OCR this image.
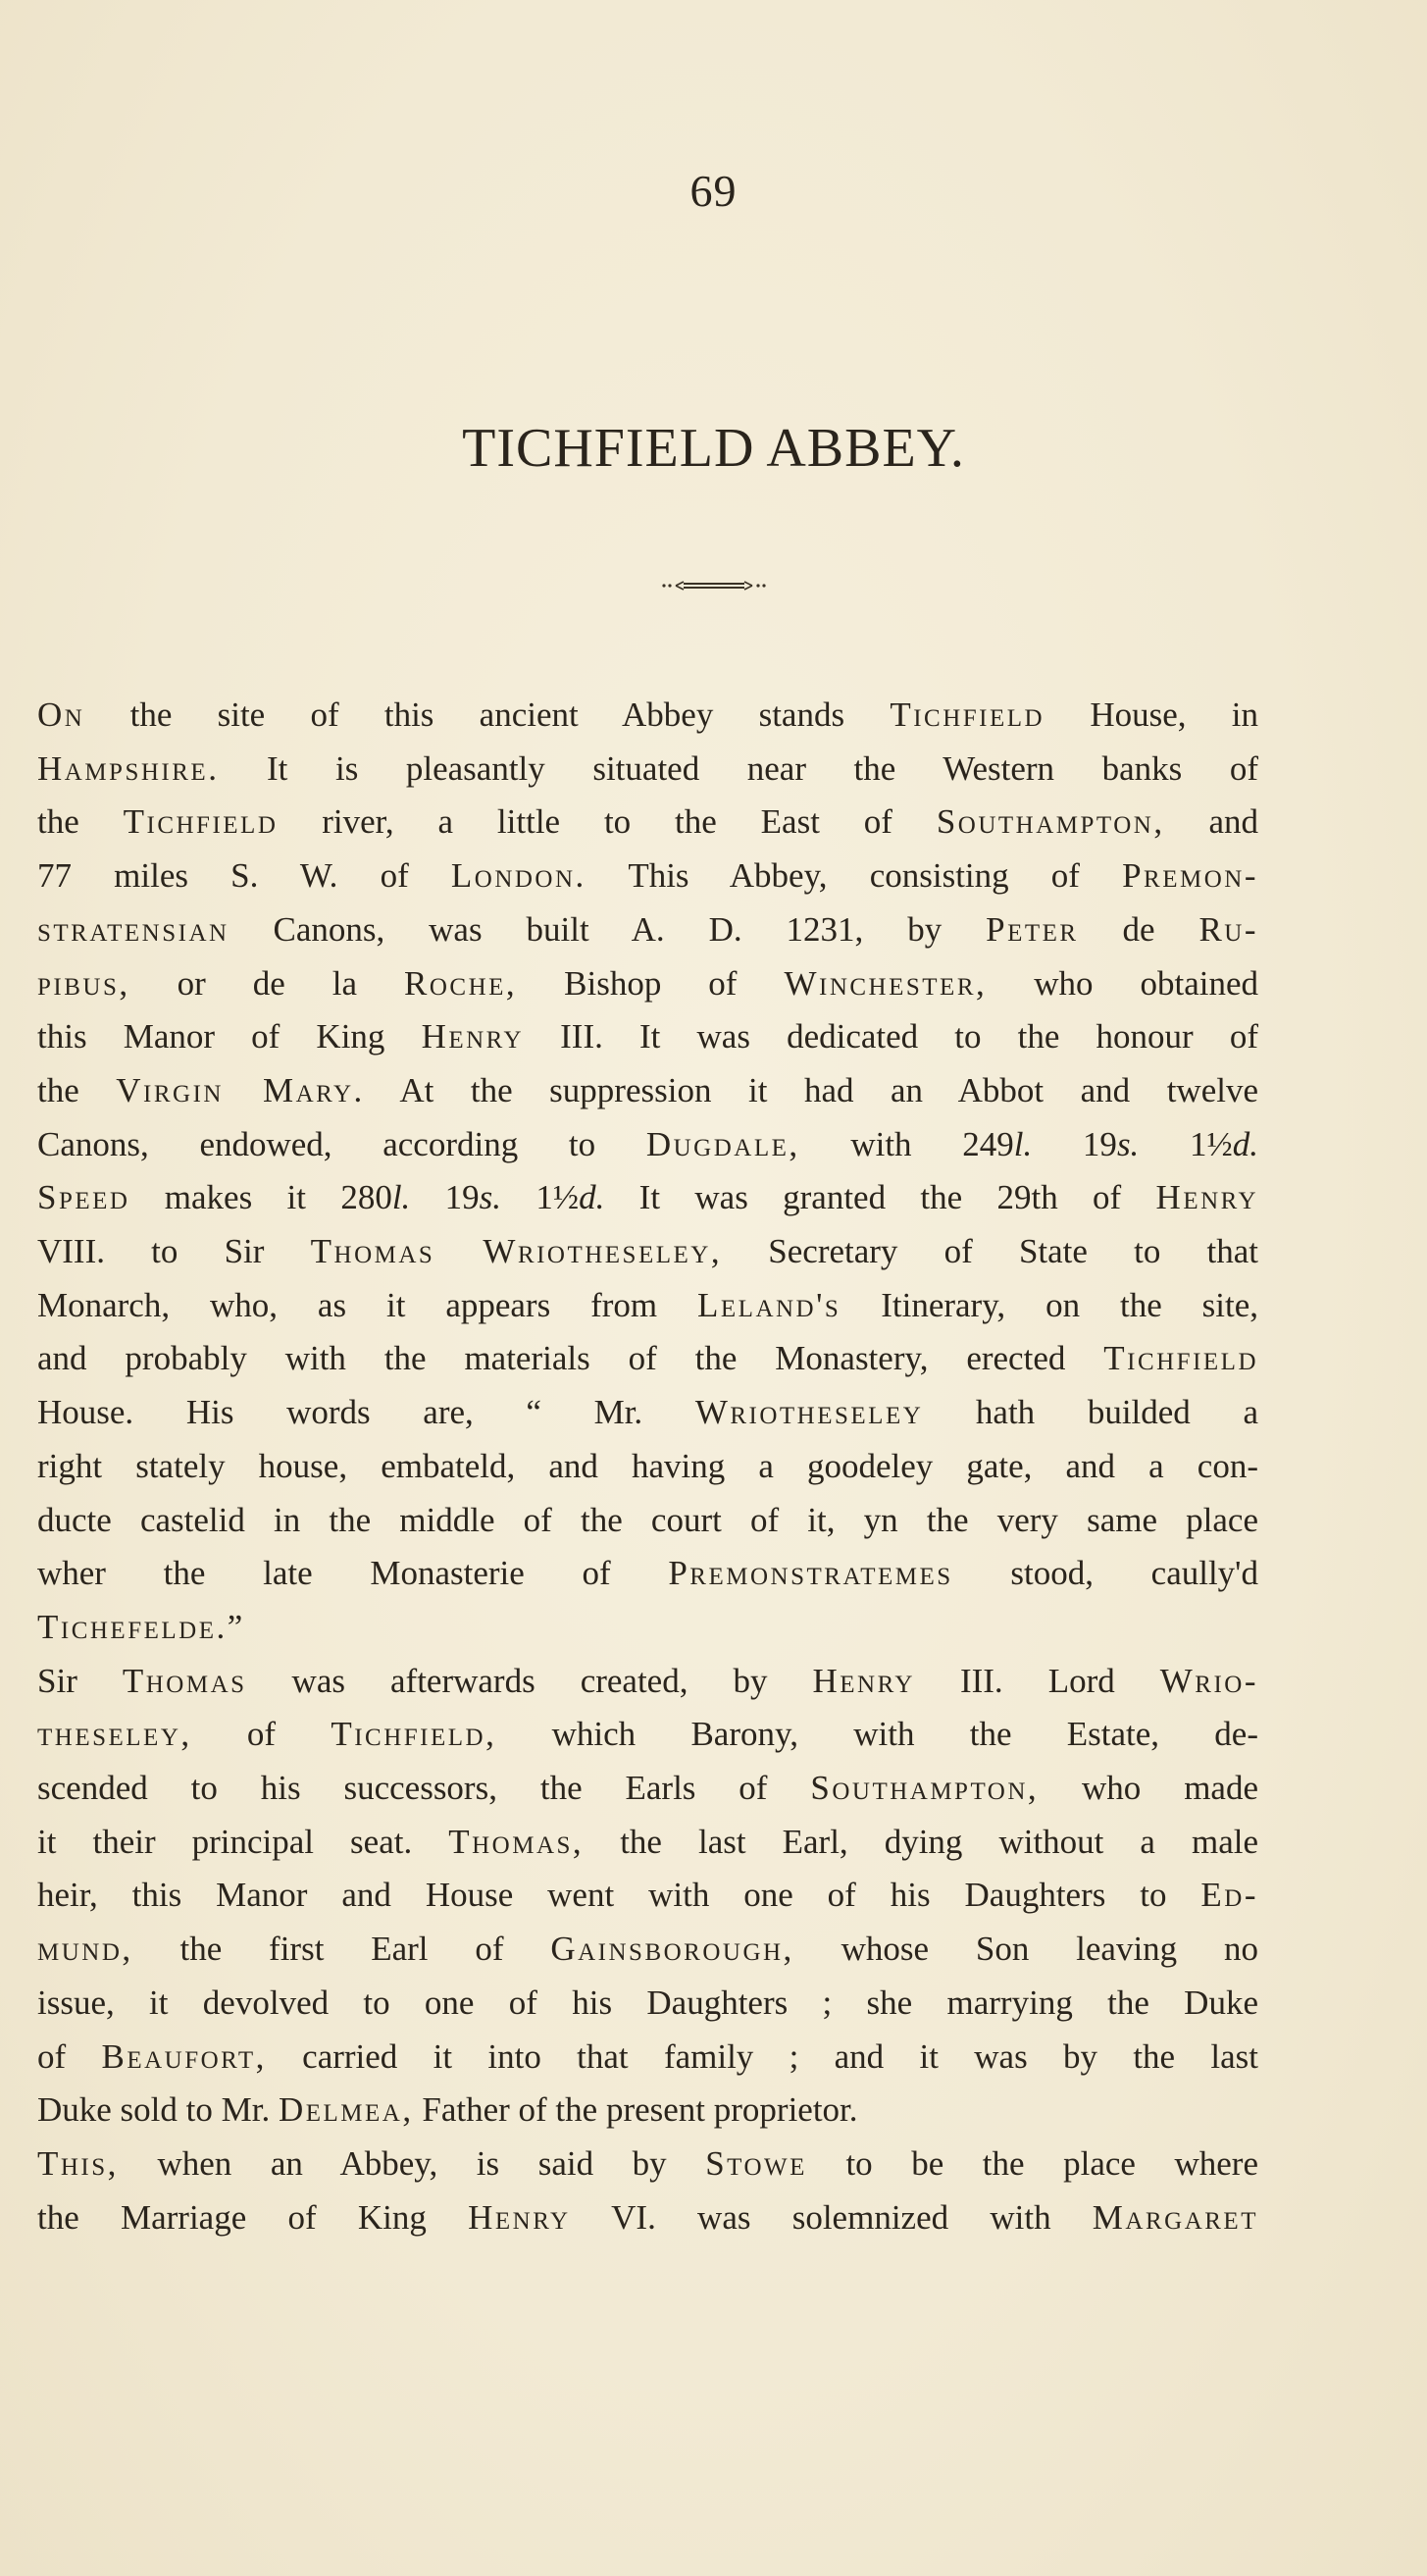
69
TICHFIELD ABBEY.
On the site of this ancient Abbey stands Tichfield House, in
Hampshire. It is pleasantly situated near the Western banks of
the Tichfield river, a little to the East of Southampton, and
77 miles S. W. of London. This Abbey, consisting of Premon-
stratensian Canons, was built A. D. 1231, by Peter de Ru-
pibus, or de la Roche, Bishop of Winchester, who obtained
this Manor of King Henry III. It was dedicated to the honour of
the Virgin Mary. At the suppression it had an Abbot and twelve
Canons, endowed, according to Dugdale, with 249l. 19s. 1½d.
Speed makes it 280l. 19s. 1½d. It was granted the 29th of Henry
VIII. to Sir Thomas Wriotheseley, Secretary of State to that
Monarch, who, as it appears from Leland's Itinerary, on the site,
and probably with the materials of the Monastery, erected Tichfield
House. His words are, “ Mr. Wriotheseley hath builded a
right stately house, embateld, and having a goodeley gate, and a con-
ducte castelid in the middle of the court of it, yn the very same place
wher the late Monasterie of Premonstratemes stood, caully'd
Tichefelde.”
Sir Thomas was afterwards created, by Henry III. Lord Wrio-
theseley, of Tichfield, which Barony, with the Estate, de-
scended to his successors, the Earls of Southampton, who made
it their principal seat. Thomas, the last Earl, dying without a male
heir, this Manor and House went with one of his Daughters to Ed-
mund, the first Earl of Gainsborough, whose Son leaving no
issue, it devolved to one of his Daughters ; she marrying the Duke
of Beaufort, carried it into that family ; and it was by the last
Duke sold to Mr. Delmea, Father of the present proprietor.
This, when an Abbey, is said by Stowe to be the place where
the Marriage of King Henry VI. was solemnized with Margaret
